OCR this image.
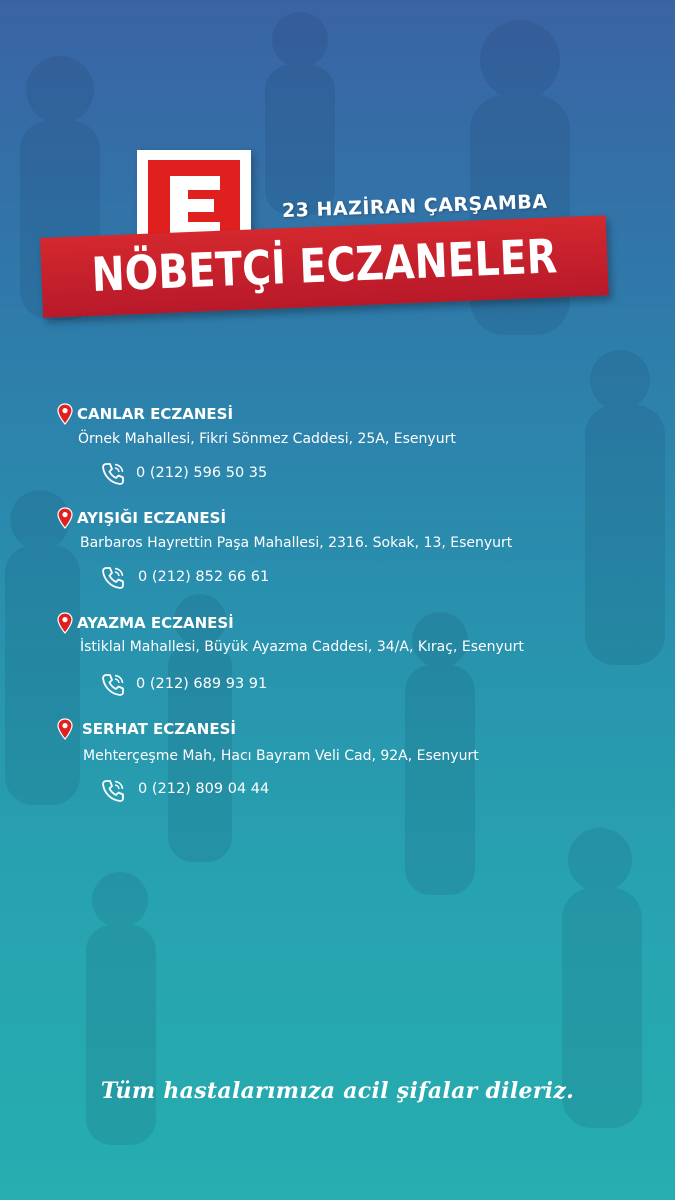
23 HAZİRAN ÇARŞAMBA
NÖBETÇİ ECZANELER
CANLAR ECZANESİ
Örnek Mahallesi, Fikri Sönmez Caddesi, 25A, Esenyurt
0 (212) 596 50 35
AYIŞIĞI ECZANESİ
Barbaros Hayrettin Paşa Mahallesi, 2316. Sokak, 13, Esenyurt
0 (212) 852 66 61
AYAZMA ECZANESİ
İstiklal Mahallesi, Büyük Ayazma Caddesi, 34/A, Kıraç, Esenyurt
0 (212) 689 93 91
SERHAT ECZANESİ
Mehterçeşme Mah, Hacı Bayram Veli Cad, 92A, Esenyurt
0 (212) 809 04 44
Tüm hastalarımıza acil şifalar dileriz.
